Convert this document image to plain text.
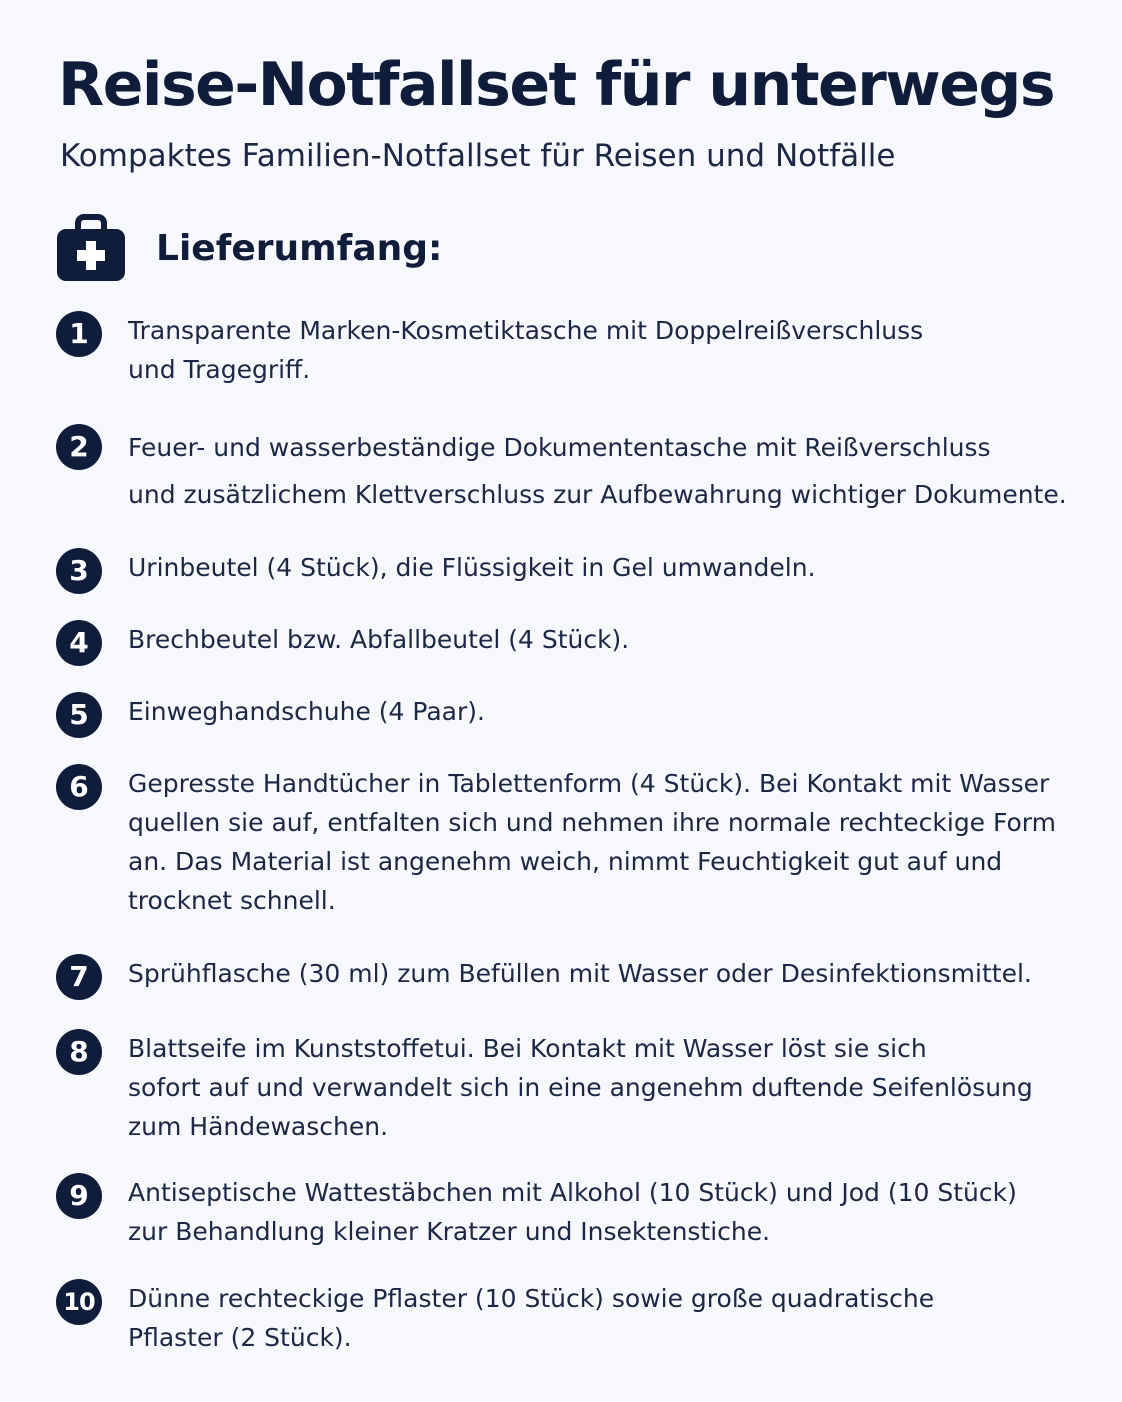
Reise-Notfallset für unterwegs
Kompaktes Familien-Notfallset für Reisen und Notfälle
Lieferumfang:
1	Transparente Marken-Kosmetiktasche mit Doppelreißverschluss
und Tragegriff.
2	Feuer- und wasserbeständige Dokumententasche mit Reißverschluss
und zusätzlichem Klettverschluss zur Aufbewahrung wichtiger Dokumente.
3	Urinbeutel (4 Stück), die Flüssigkeit in Gel umwandeln.
4	Brechbeutel bzw. Abfallbeutel (4 Stück).
5	Einweghandschuhe (4 Paar).
6	Gepresste Handtücher in Tablettenform (4 Stück). Bei Kontakt mit Wasser
quellen sie auf, entfalten sich und nehmen ihre normale rechteckige Form
an. Das Material ist angenehm weich, nimmt Feuchtigkeit gut auf und
trocknet schnell.
7	Sprühflasche (30 ml) zum Befüllen mit Wasser oder Desinfektionsmittel.
8	Blattseife im Kunststoffetui. Bei Kontakt mit Wasser löst sie sich
sofort auf und verwandelt sich in eine angenehm duftende Seifenlösung
zum Händewaschen.
9	Antiseptische Wattestäbchen mit Alkohol (10 Stück) und Jod (10 Stück)
zur Behandlung kleiner Kratzer und Insektenstiche.
10 Dünne rechteckige Pflaster (10 Stück) sowie große quadratische
Pflaster (2 Stück).
